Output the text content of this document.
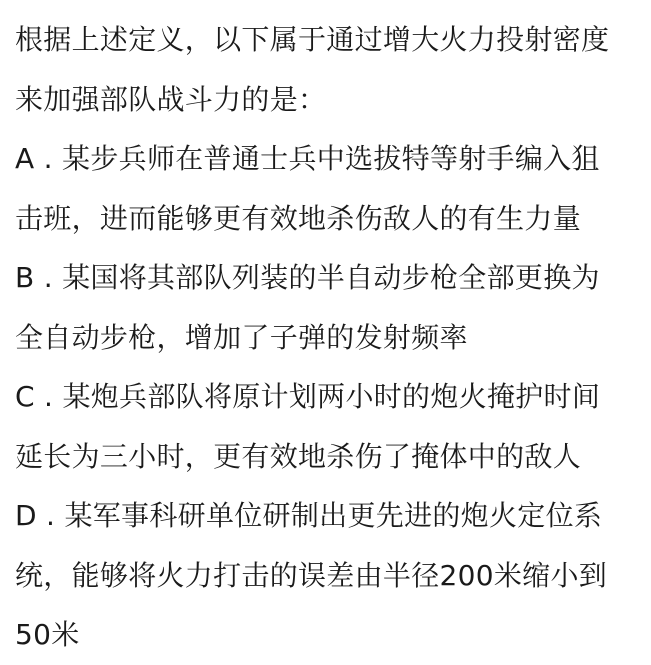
根据上述定义，以下属于通过增大火力投射密度
来加强部队战斗力的是：
A . 某步兵师在普通士兵中选拔特等射手编入狙
击班，进而能够更有效地杀伤敌人的有生力量
B . 某国将其部队列装的半自动步枪全部更换为
全自动步枪，增加了子弹的发射频率
C . 某炮兵部队将原计划两小时的炮火掩护时间
延长为三小时，更有效地杀伤了掩体中的敌人
D . 某军事科研单位研制出更先进的炮火定位系
统，能够将火力打击的误差由半径200米缩小到
50米
